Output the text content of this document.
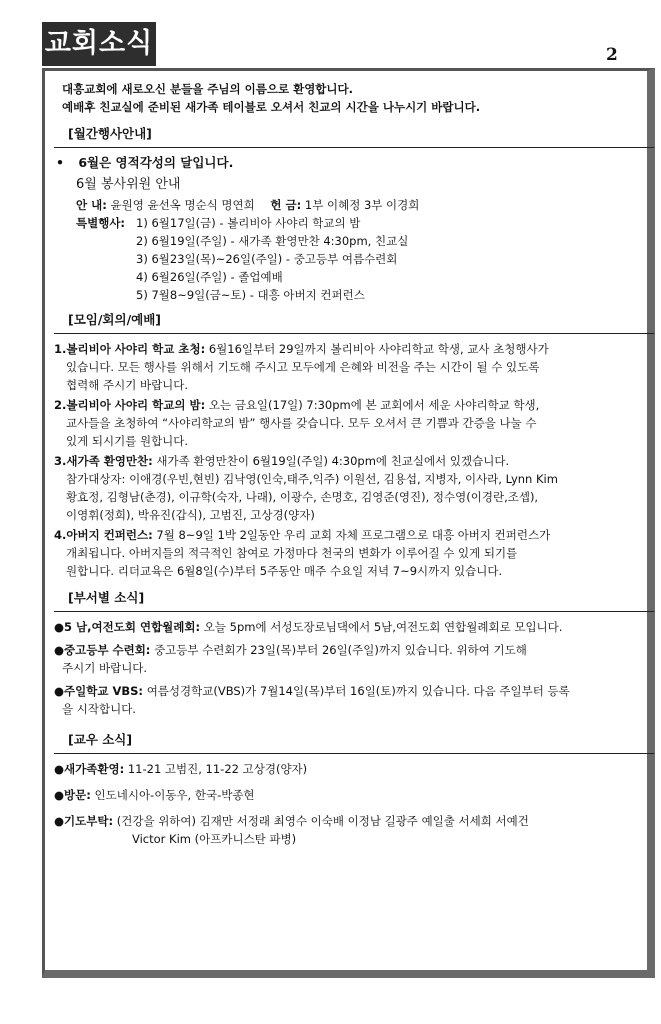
교회소식	2
대흥교회에 새로오신 분들을 주님의 이름으로 환영합니다.
예배후 친교실에 준비된 새가족 테이블로 오셔서 친교의 시간을 나누시기 바랍니다.
[월간행사안내]
• 6월은 영적각성의 달입니다.
6월 봉사위원 안내
안 내: 윤원영 윤선옥 명순식 명연희 헌 금: 1부 이혜정 3부 이경희
특별행사: 1) 6월17일(금) - 볼리비아 사야리 학교의 밤
2) 6월19일(주일) - 새가족 환영만찬 4:30pm, 친교실
3) 6월23일(목)~26일(주일) - 중고등부 여름수련회
4) 6월26일(주일) - 졸업예배
5) 7월8~9일(금~토) - 대흥 아버지 컨퍼런스
[모임/회의/예배]
1.볼리비아 사야리 학교 초청: 6월16일부터 29일까지 볼리비아 사야리학교 학생, 교사 초청행사가
있습니다. 모든 행사를 위해서 기도해 주시고 모두에게 은혜와 비전을 주는 시간이 될 수 있도록
협력해 주시기 바랍니다.
2.볼리비아 사야리 학교의 밤: 오는 금요일(17일) 7:30pm에 본 교회에서 세운 사야리학교 학생,
교사들을 초청하여 “사야리학교의 밤” 행사를 갖습니다. 모두 오셔서 큰 기쁨과 간증을 나눌 수
있게 되시기를 원합니다.
3.새가족 환영만찬: 새가족 환영만찬이 6월19일(주일) 4:30pm에 친교실에서 있겠습니다.
참가대상자: 이애경(우빈,현빈) 김낙영(인숙,태주,익주) 이원선, 김용섭, 지병자, 이사라, Lynn Kim
황효정, 김형남(춘경), 이규학(숙자, 나래), 이광수, 손명호, 김영준(영진), 정수영(이경란,조셉),
이영휘(정희), 박유진(갑식), 고범진, 고상경(양자)
4.아버지 컨퍼런스: 7월 8~9일 1박 2일동안 우리 교회 자체 프로그램으로 대흥 아버지 컨퍼런스가
개최됩니다. 아버지들의 적극적인 참여로 가정마다 천국의 변화가 이루어질 수 있게 되기를
원합니다. 리더교육은 6월8일(수)부터 5주동안 매주 수요일 저녁 7~9시까지 있습니다.
[부서별 소식]
●5 남,여전도회 연합월례회: 오늘 5pm에 서성도장로님댁에서 5남,여전도회 연합월례회로 모입니다.
●중고등부 수련회: 중고등부 수련회가 23일(목)부터 26일(주일)까지 있습니다. 위하여 기도해
주시기 바랍니다.
●주일학교 VBS: 여름성경학교(VBS)가 7월14일(목)부터 16일(토)까지 있습니다. 다음 주일부터 등록
을 시작합니다.
[교우 소식]
●새가족환영: 11-21 고범진, 11-22 고상경(양자)
●방문: 인도네시아-이동우, 한국-박종현
●기도부탁: (건강을 위하여) 김재만 서정래 최영수 이숙배 이정남 길광주 예일출 서세희 서예건
Victor Kim (아프카니스탄 파병)
